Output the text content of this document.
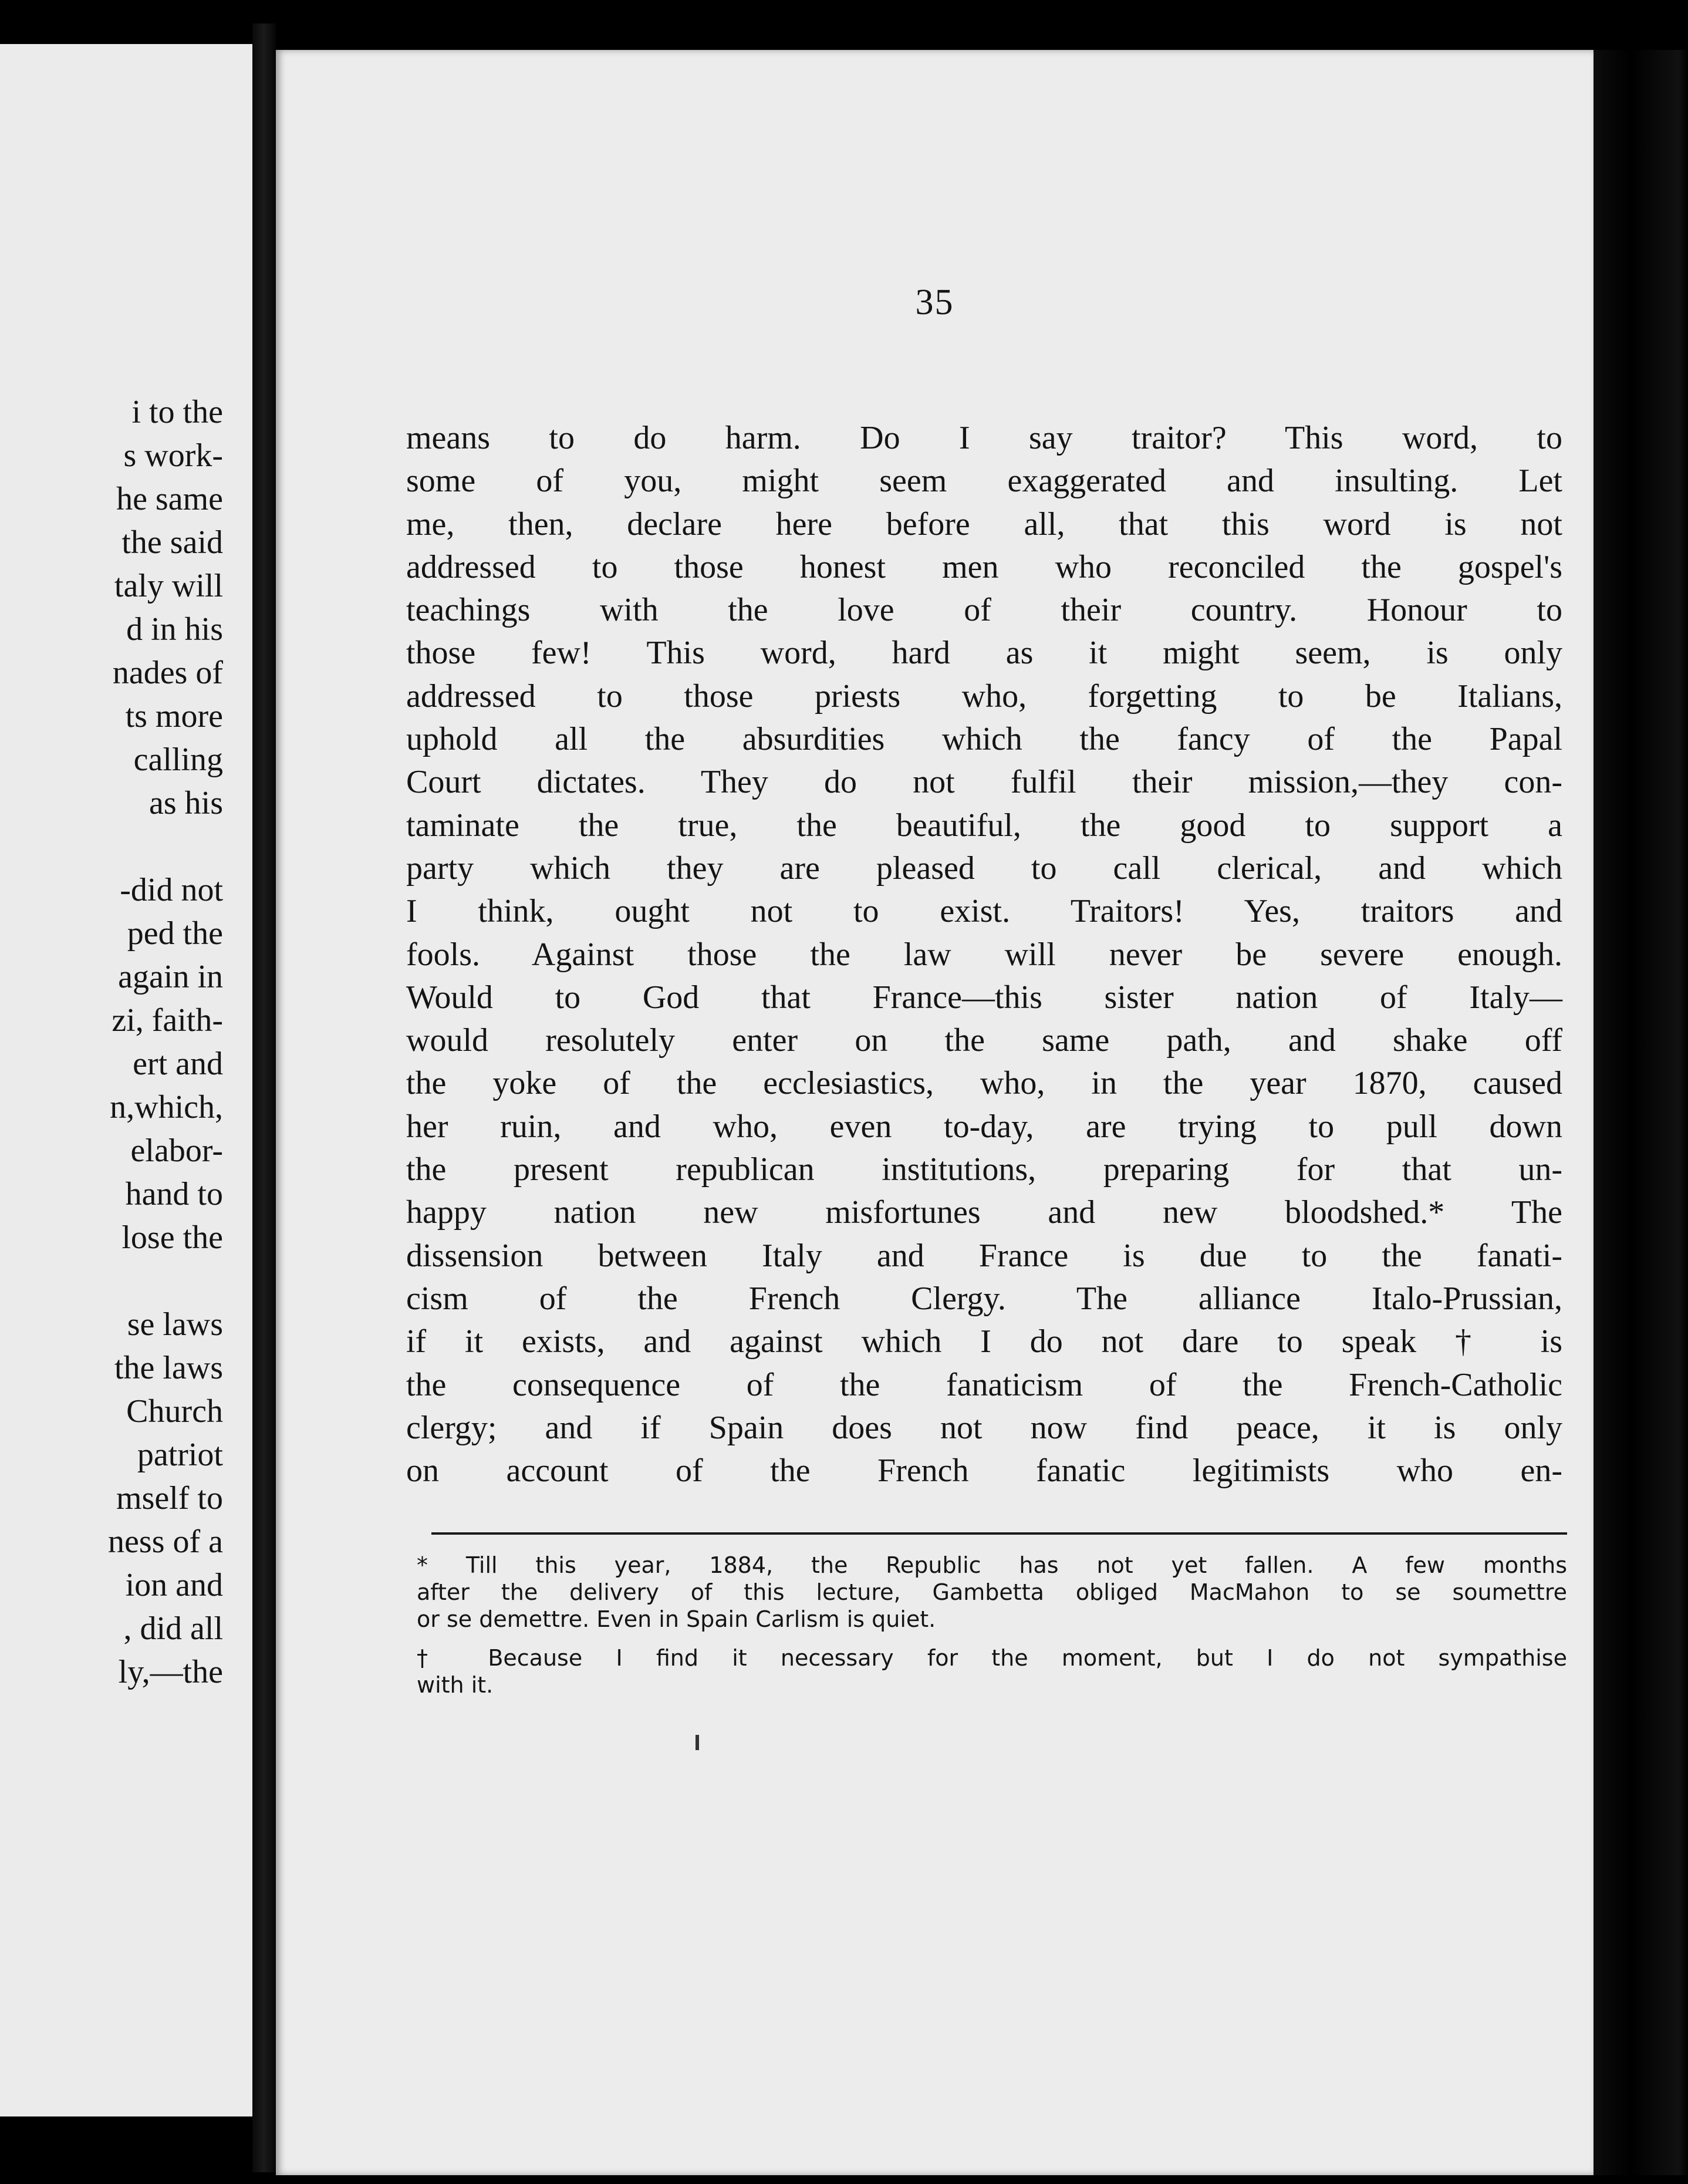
i to the
s work-
he same
the said
taly will
d in his
nades of
ts more
calling
as his
-did not
ped the
again in
zi, faith-
ert and
n,which,
elabor-
hand to
lose the
se laws
the laws
Church
patriot
mself to
ness of a
ion and
, did all
ly,—the
35
means to do harm. Do I say traitor? This word, to
some of you, might seem exaggerated and insulting. Let
me, then, declare here before all, that this word is not
addressed to those honest men who reconciled the gospel's
teachings with the love of their country. Honour to
those few! This word, hard as it might seem, is only
addressed to those priests who, forgetting to be Italians,
uphold all the absurdities which the fancy of the Papal
Court dictates. They do not fulfil their mission,—they con-
taminate the true, the beautiful, the good to support a
party which they are pleased to call clerical, and which
I think, ought not to exist. Traitors! Yes, traitors and
fools. Against those the law will never be severe enough.
Would to God that France—this sister nation of Italy—
would resolutely enter on the same path, and shake off
the yoke of the ecclesiastics, who, in the year 1870, caused
her ruin, and who, even to-day, are trying to pull down
the present republican institutions, preparing for that un-
happy nation new misfortunes and new bloodshed.* The
dissension between Italy and France is due to the fanati-
cism of the French Clergy. The alliance Italo-Prussian,
if it exists, and against which I do not dare to speak † is
the consequence of the fanaticism of the French-Catholic
clergy; and if Spain does not now find peace, it is only
on account of the French fanatic legitimists who en-
* Till this year, 1884, the Republic has not yet fallen. A few months
after the delivery of this lecture, Gambetta obliged MacMahon to se soumettre
or se demettre. Even in Spain Carlism is quiet.
† Because I find it necessary for the moment, but I do not sympathise
with it.
